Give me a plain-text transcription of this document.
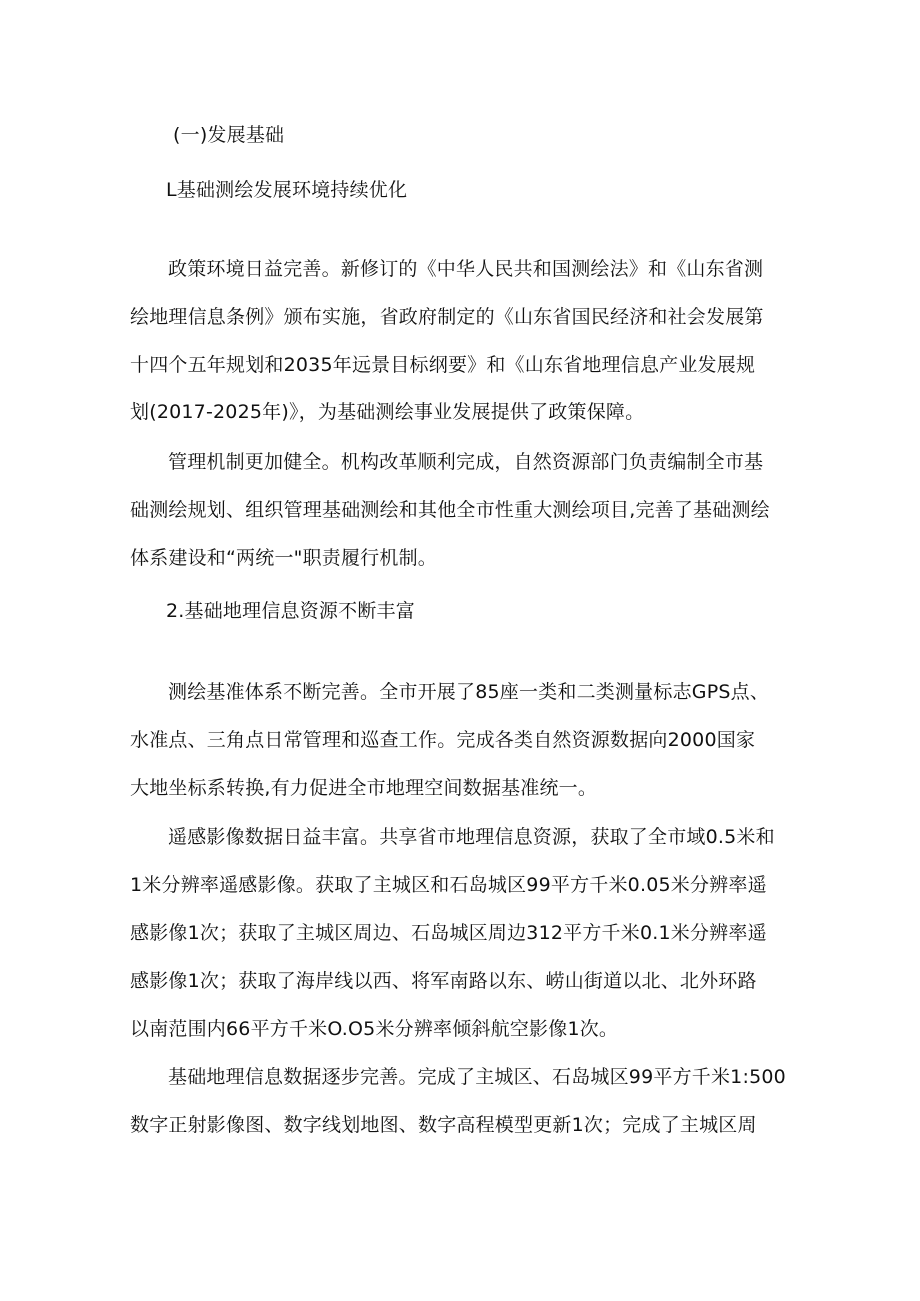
(一)发展基础
L基础测绘发展环境持续优化
政策环境日益完善。新修订的《中华人民共和国测绘法》和《山东省测
绘地理信息条例》颁布实施，省政府制定的《山东省国民经济和社会发展第
十四个五年规划和2035年远景目标纲要》和《山东省地理信息产业发展规
划(2017-2025年)》，为基础测绘事业发展提供了政策保障。
管理机制更加健全。机构改革顺利完成，自然资源部门负责编制全市基
础测绘规划、组织管理基础测绘和其他全市性重大测绘项目,完善了基础测绘
体系建设和“两统一"职责履行机制。
2.基础地理信息资源不断丰富
测绘基准体系不断完善。全市开展了85座一类和二类测量标志GPS点、
水准点、三角点日常管理和巡查工作。完成各类自然资源数据向2000国家
大地坐标系转换,有力促进全市地理空间数据基准统一。
遥感影像数据日益丰富。共享省市地理信息资源，获取了全市域0.5米和
1米分辨率遥感影像。获取了主城区和石岛城区99平方千米0.05米分辨率遥
感影像1次；获取了主城区周边、石岛城区周边312平方千米0.1米分辨率遥
感影像1次；获取了海岸线以西、将军南路以东、崂山街道以北、北外环路
以南范围内66平方千米O.O5米分辨率倾斜航空影像1次。
基础地理信息数据逐步完善。完成了主城区、石岛城区99平方千米1:500
数字正射影像图、数字线划地图、数字高程模型更新1次；完成了主城区周
